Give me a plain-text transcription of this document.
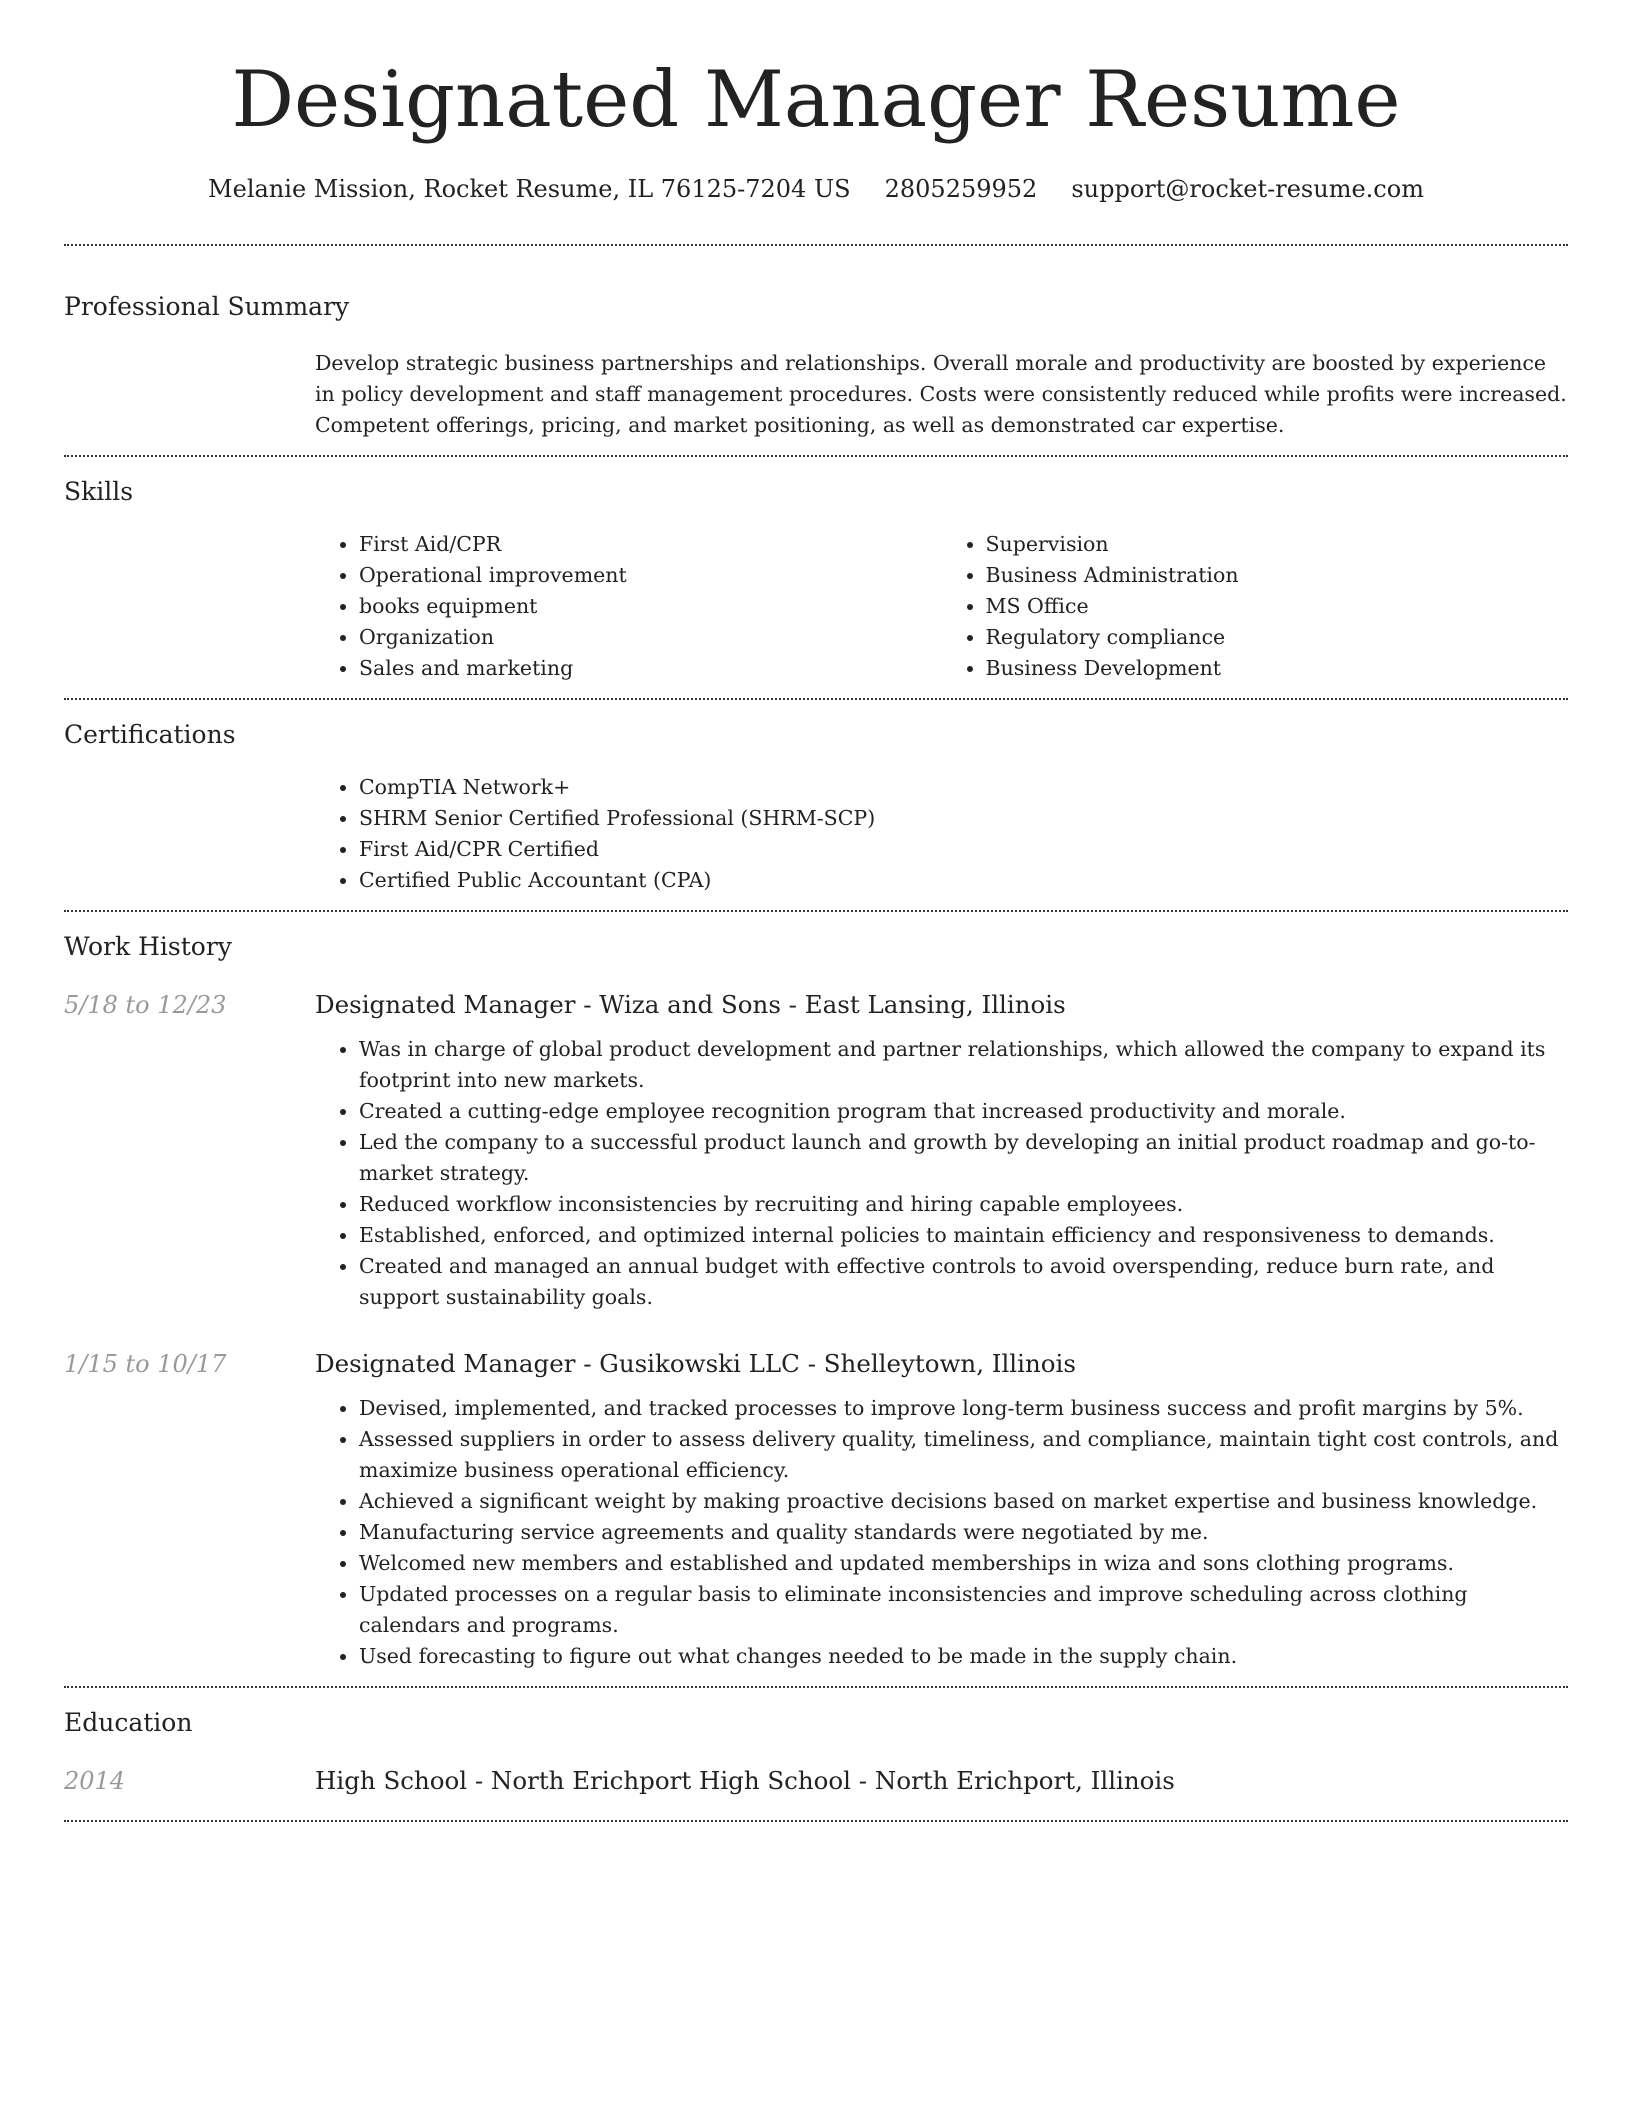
Designated Manager Resume
Melanie Mission, Rocket Resume, IL 76125-7204 US 2805259952 support@rocket-resume.com
Professional Summary
Develop strategic business partnerships and relationships. Overall morale and productivity are boosted by experience in policy development and staff management procedures. Costs were consistently reduced while profits were increased. Competent offerings, pricing, and market positioning, as well as demonstrated car expertise.
Skills
• First Aid/CPR
• Operational improvement
• books equipment
• Organization
• Sales and marketing
• Supervision
• Business Administration
• MS Office
• Regulatory compliance
• Business Development
Certifications
• CompTIA Network+
• SHRM Senior Certified Professional (SHRM-SCP)
• First Aid/CPR Certified
• Certified Public Accountant (CPA)
Work History
5/18 to 12/23	Designated Manager - Wiza and Sons - East Lansing, Illinois
• Was in charge of global product development and partner relationships, which allowed the company to expand its footprint into new markets.
• Created a cutting-edge employee recognition program that increased productivity and morale.
• Led the company to a successful product launch and growth by developing an initial product roadmap and go-to-market strategy.
• Reduced workflow inconsistencies by recruiting and hiring capable employees.
• Established, enforced, and optimized internal policies to maintain efficiency and responsiveness to demands.
• Created and managed an annual budget with effective controls to avoid overspending, reduce burn rate, and support sustainability goals.
1/15 to 10/17	Designated Manager - Gusikowski LLC - Shelleytown, Illinois
• Devised, implemented, and tracked processes to improve long-term business success and profit margins by 5%.
• Assessed suppliers in order to assess delivery quality, timeliness, and compliance, maintain tight cost controls, and maximize business operational efficiency.
• Achieved a significant weight by making proactive decisions based on market expertise and business knowledge.
• Manufacturing service agreements and quality standards were negotiated by me.
• Welcomed new members and established and updated memberships in wiza and sons clothing programs.
• Updated processes on a regular basis to eliminate inconsistencies and improve scheduling across clothing calendars and programs.
• Used forecasting to figure out what changes needed to be made in the supply chain.
Education
2014	High School - North Erichport High School - North Erichport, Illinois
